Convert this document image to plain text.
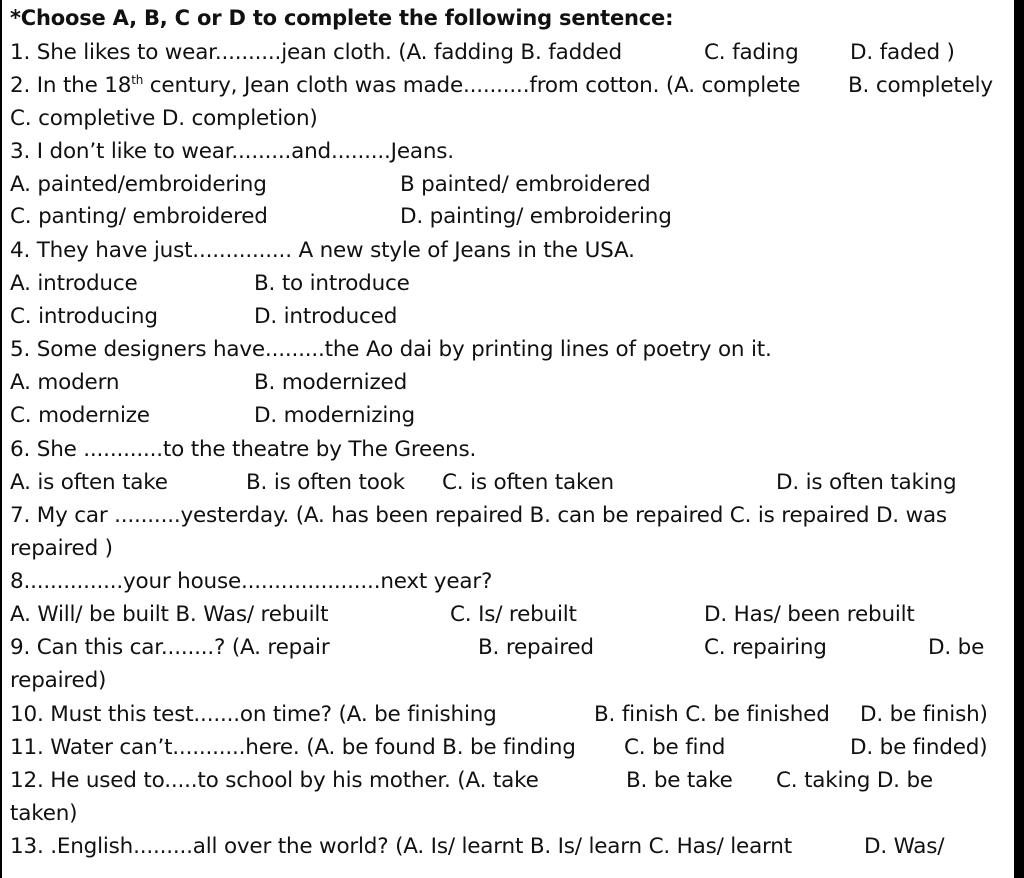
*Choose A, B, C or D to complete the following sentence:
1. She likes to wear..........jean cloth. (A. fadding B. fadded	C. fading D. faded )
2. In the 18th century, Jean cloth was made..........from cotton. (A. complete B. completely
C. completive D. completion)
3. I don’t like to wear.........and.........Jeans.
A. painted/embroidering	B painted/ embroidered
C. panting/ embroidered	D. painting/ embroidering
4. They have just............... A new style of Jeans in the USA.
A. introduce	B. to introduce
C. introducing	D. introduced
5. Some designers have.........the Ao dai by printing lines of poetry on it.
A. modern	B. modernized
C. modernize	D. modernizing
6. She ............to the theatre by The Greens.
A. is often take	B. is often took C. is often taken	D. is often taking
7. My car ..........yesterday. (A. has been repaired B. can be repaired C. is repaired D. was
repaired )
8...............your house.....................next year?
A. Will/ be built B. Was/ rebuilt	C. Is/ rebuilt	D. Has/ been rebuilt
9. Can this car........? (A. repair	B. repaired	C. repairing	D. be
repaired)
10. Must this test.......on time? (A. be finishing	B. finish C. be finished D. be finish)
11. Water can’t...........here. (A. be found B. be finding C. be find	D. be finded)
12. He used to.....to school by his mother. (A. take	B. be take C. taking D. be
taken)
13. .English.........all over the world? (A. Is/ learnt B. Is/ learn C. Has/ learnt	D. Was/
